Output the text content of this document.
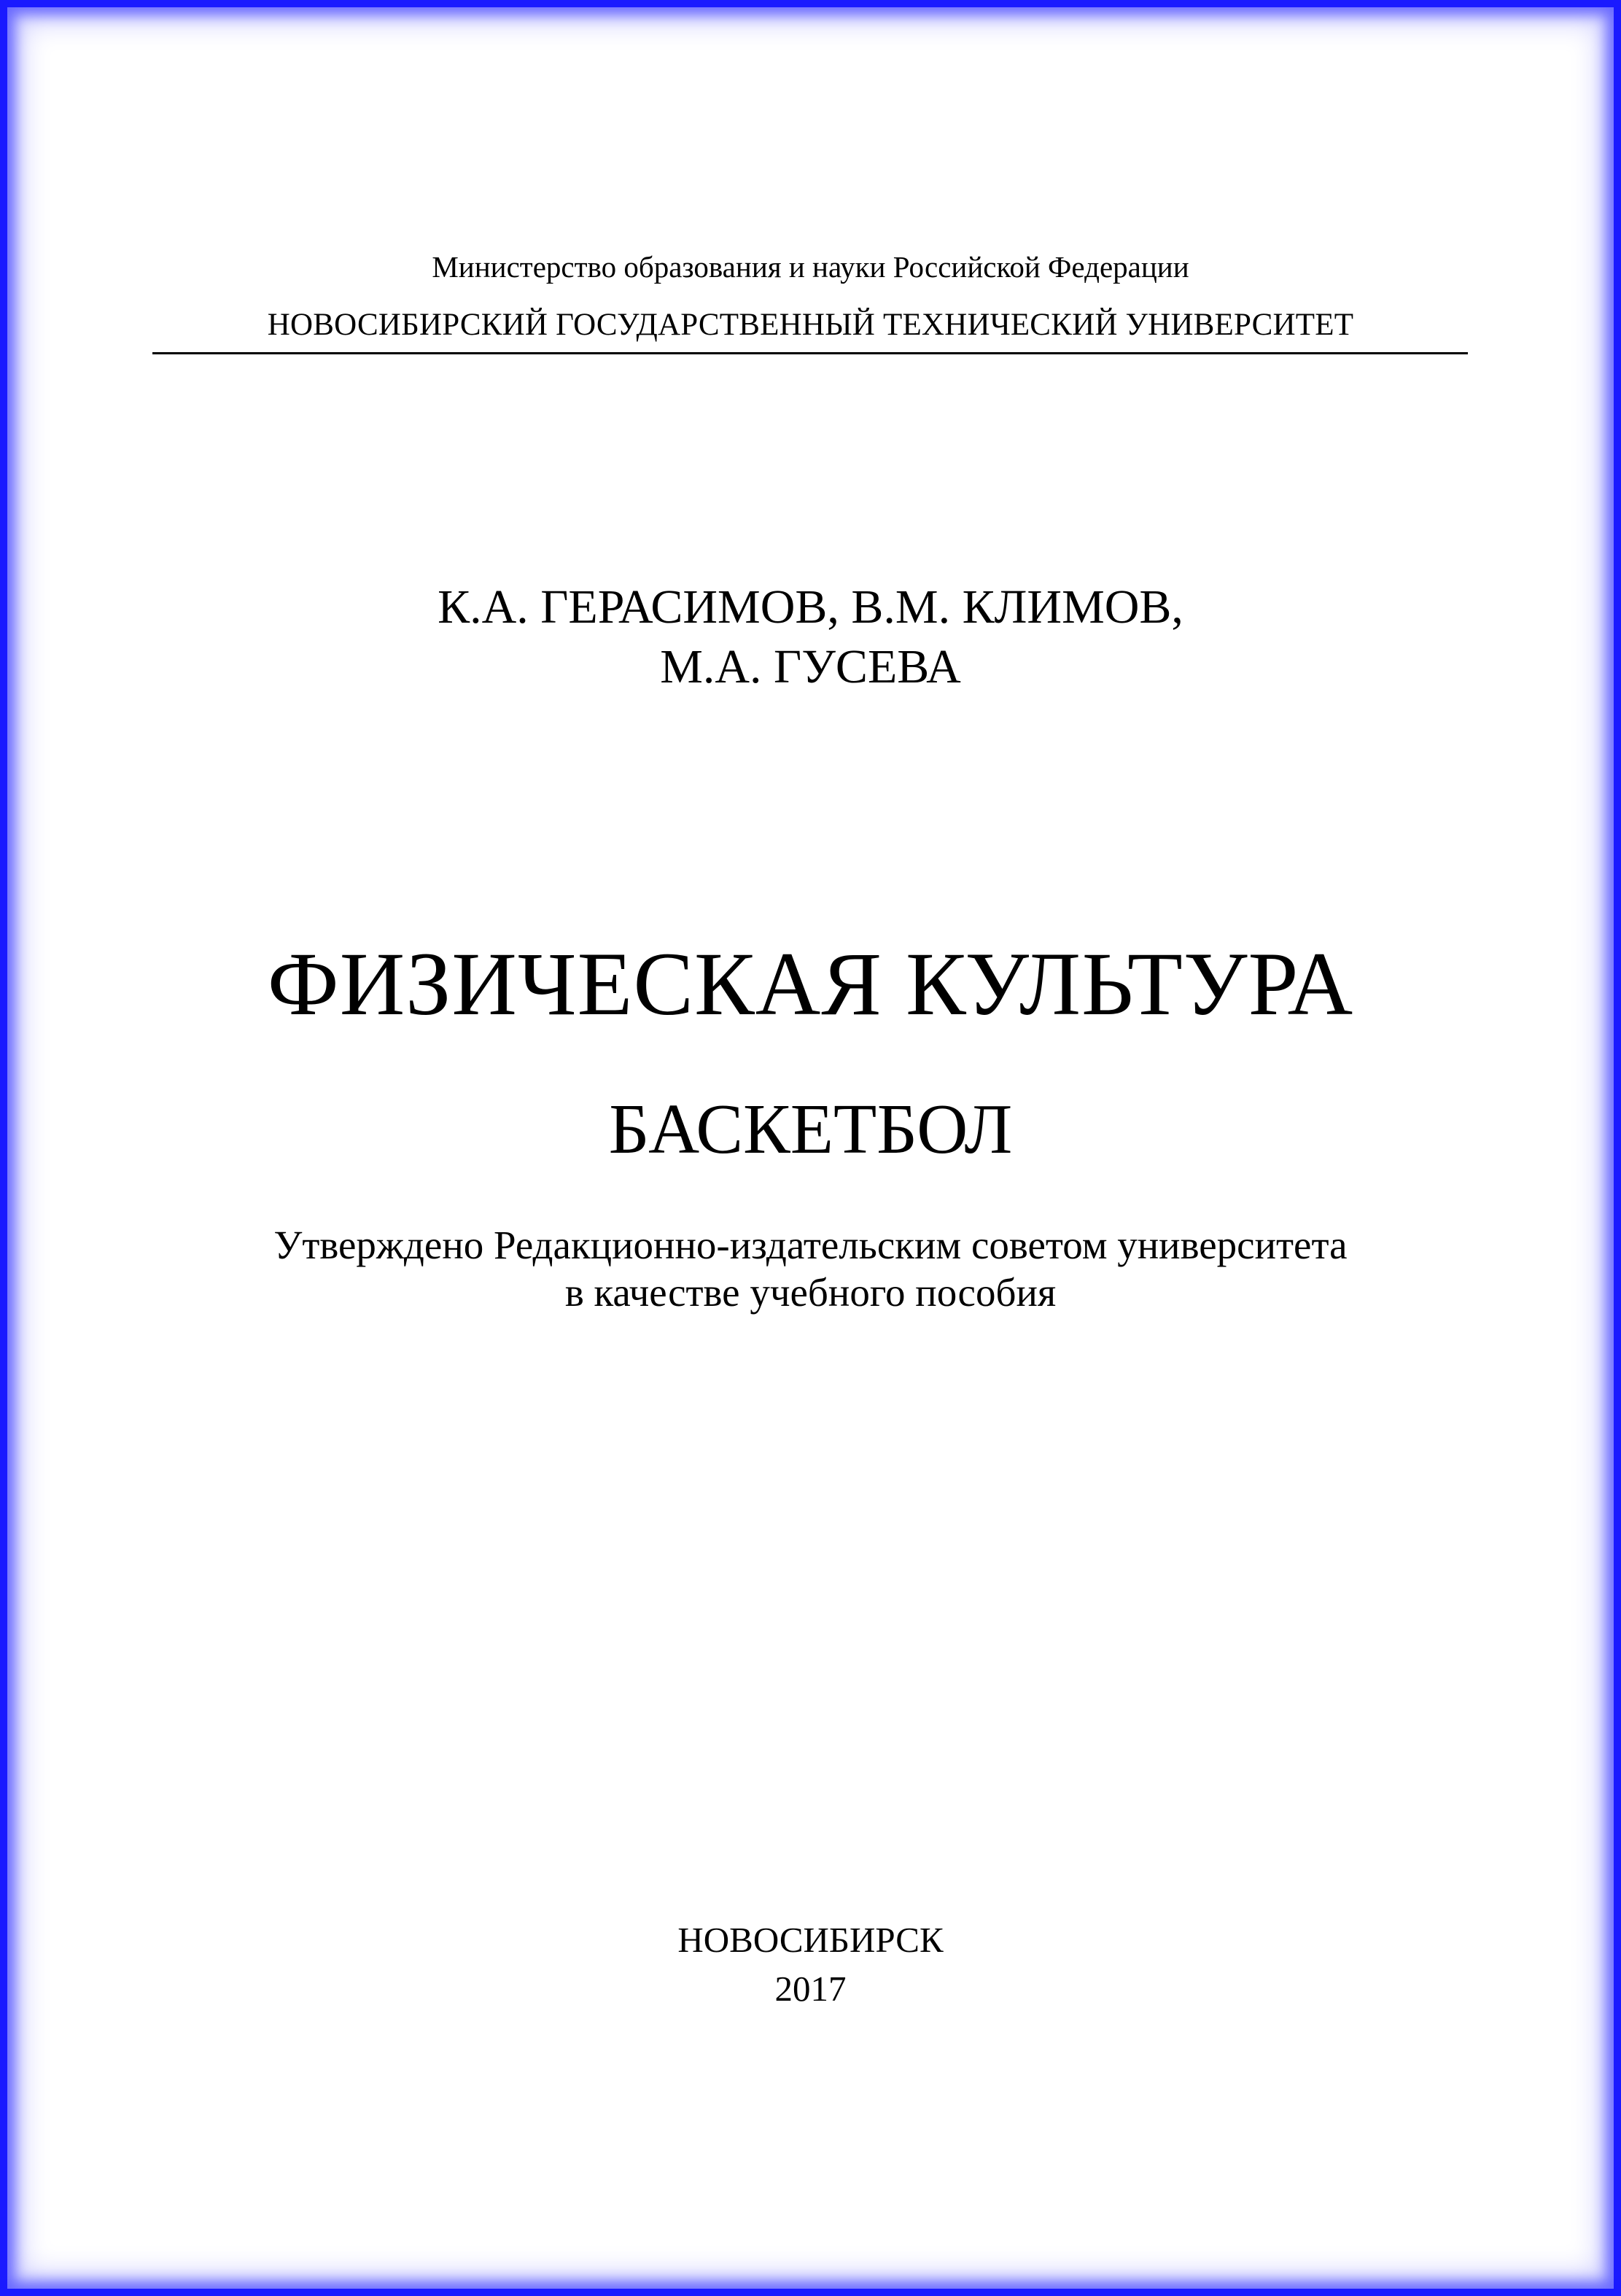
Министерство образования и науки Российской Федерации
НОВОСИБИРСКИЙ ГОСУДАРСТВЕННЫЙ ТЕХНИЧЕСКИЙ УНИВЕРСИТЕТ
К.А. ГЕРАСИМОВ, В.М. КЛИМОВ,
М.А. ГУСЕВА
ФИЗИЧЕСКАЯ КУЛЬТУРА
БАСКЕТБОЛ
Утверждено Редакционно-издательским советом университета
в качестве учебного пособия
НОВОСИБИРСК
2017
